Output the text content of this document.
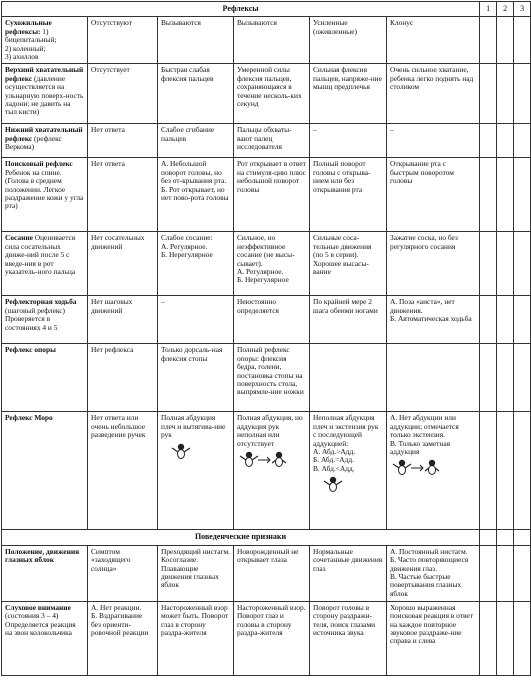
Рефлексы						1	2	3
Сухожильные рефлексы: 1) бицепитальный;
2) коленный;
3) ахиллов	Отсутствуют	Вызываются	Вызываются	Усиленные
(оживленные)	Клонус			

Верхний хватательный рефлекс (давление осуществляется на ульнарную поверх-ность ладони; не давить на тыл кисти)	Отсутствует	Быстрая слабая флексия пальцев	Умеренной силы флексия пальцев, сохраняющаяся в течение несколь-ких секунд	Сильная флексия пальцев, напряже-ние мышц предплечья	Очень сильное хватание, ребенка легко поднять над столиком			

Нижний хватательный рефлекс (рефлекс Веркома)	Нет ответа	Слабое сгибание пальцев	Пальцы обхваты-вают палец исследователя	–	–			

Поисковый рефлекс Ребенок на спине. (Голова в среднем положении. Легкое раздражение кожи у угла рта)	Нет ответа	А. Небольшой поворот головы, но без от-крывания рта.
Б. Рот открывает, но нет пово-рота головы	Рот открывает в ответ на стимуля-цию плюс небольшой поворот головы	Полный поворот головы с открыва-нием или без открывания рта	Открывание рта с быстрым поворотом головы			

Сосание Оценивается сила сосательных движе-ний после 5 с введе-ния в рот указатель-ного пальца	Нет сосательных движений	Слабое сосание:
А. Регулярное.
Б. Нерегулярное	Сильное, но неэффективное сосание (не высы-сывает).
А. Регулярное.
Б. Нерегулярное	Сильные сосa-тельные движения (по 5 в серии). Хорошее высасы-вание	Зажатие соска, но без регулярного сосания			

Рефлекторная ходьба (шаговый рефлекс) Проверяется в состояниях 4 и 5	Нет шаговых движений	–	Неюстоянно определяется	По крайней мере 2 шага обеими ногами	А. Поза «аиста», нет движения.
Б. Автоматическая ходьба			

Рефлекс опоры	Нет рефлекса	Только дорсаль-ная флексия стопы	Полный рефлекс опоры: флексия бедра, голени, постановка стопы на поверхность стола, выпрямле-ние ножки					

Рефлекс Моро	Нет ответа или очень небольшое разведение ручек	Полная абдукция плеч и вытягива-ние рук	Полная абдукция, но аддукция рук неполная или отсутствует	Неполная абдукция плеч и экстензия рук с последующей аддукцией:
А. Абд.>Адд.
Б. Абд.=Адд.
В. Абд.<Адд.	А. Нет абдукции или аддукции; отмечается только экстензия.
В. Только заметная аддукция			

Поведенческие признаки								
Положение, движения глазных яблок	Симптом «заходящего солнца»	Преходящий нистагм. Косоглазие. Плавающие движения глазных яблок	Новорожденный не открывает глаза	Нормальные сочетанные движения глаз	А. Постоянный нистагм.
Б. Часто повторяющиеся движения глаз.
В. Частые быстрые повертывания глазных яблок			

Слуховое внимание (состояния 3 – 4) Определяется реакция на звон колокольчика	А. Нет реакции.
Б. Вздрагивание без ориенти-ровочной реакции	Настороженный взор может быть. Поворот глаз в сторону раздра-жителя	Настороженный взор. Поворот глаз и головы в сторону раздра-жителя	Поворот головы в сторону раздражи-теля, поиск глазами источника звука	Хорошо выраженная поисковая реакция в ответ на каждое повторное звуковое раздраже-ние справа и слева			
